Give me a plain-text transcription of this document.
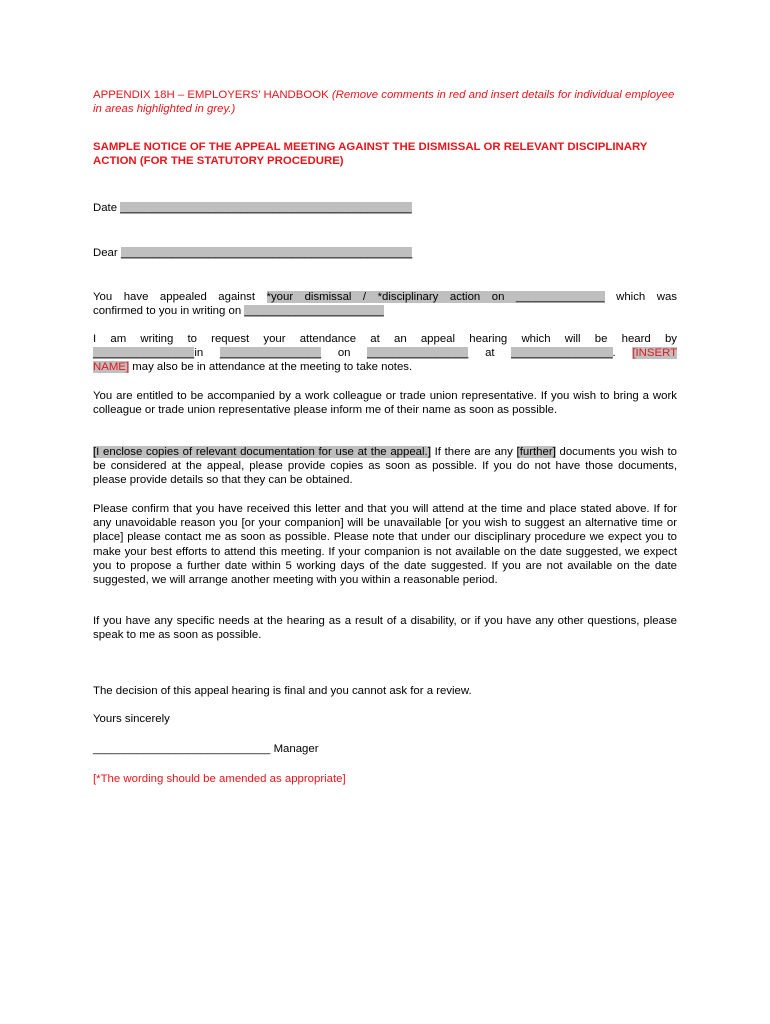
APPENDIX 18H – EMPLOYERS’ HANDBOOK (Remove comments in red and insert details for individual employee in areas highlighted in grey.)
SAMPLE NOTICE OF THE APPEAL MEETING AGAINST THE DISMISSAL OR RELEVANT DISCIPLINARY ACTION (FOR THE STATUTORY PROCEDURE)
Date ______________________________________________
Dear ______________________________________________
You have appealed against *your dismissal / *disciplinary action on ______________ which was
confirmed to you in writing on ______________________
I am writing to request your attendance at an appeal hearing which will be heard by
________________in ________________ on ________________ at ________________. [INSERT
NAME] may also be in attendance at the meeting to take notes.
You are entitled to be accompanied by a work colleague or trade union representative. If you wish to bring a work colleague or trade union representative please inform me of their name as soon as possible.
[I enclose copies of relevant documentation for use at the appeal.] If there are any [further] documents you wish to be considered at the appeal, please provide copies as soon as possible. If you do not have those documents, please provide details so that they can be obtained.
Please confirm that you have received this letter and that you will attend at the time and place stated above. If for any unavoidable reason you [or your companion] will be unavailable [or you wish to suggest an alternative time or place] please contact me as soon as possible. Please note that under our disciplinary procedure we expect you to make your best efforts to attend this meeting. If your companion is not available on the date suggested, we expect you to propose a further date within 5 working days of the date suggested. If you are not available on the date suggested, we will arrange another meeting with you within a reasonable period.
If you have any specific needs at the hearing as a result of a disability, or if you have any other questions, please speak to me as soon as possible.
The decision of this appeal hearing is final and you cannot ask for a review.
Yours sincerely
____________________________ Manager
[*The wording should be amended as appropriate]
